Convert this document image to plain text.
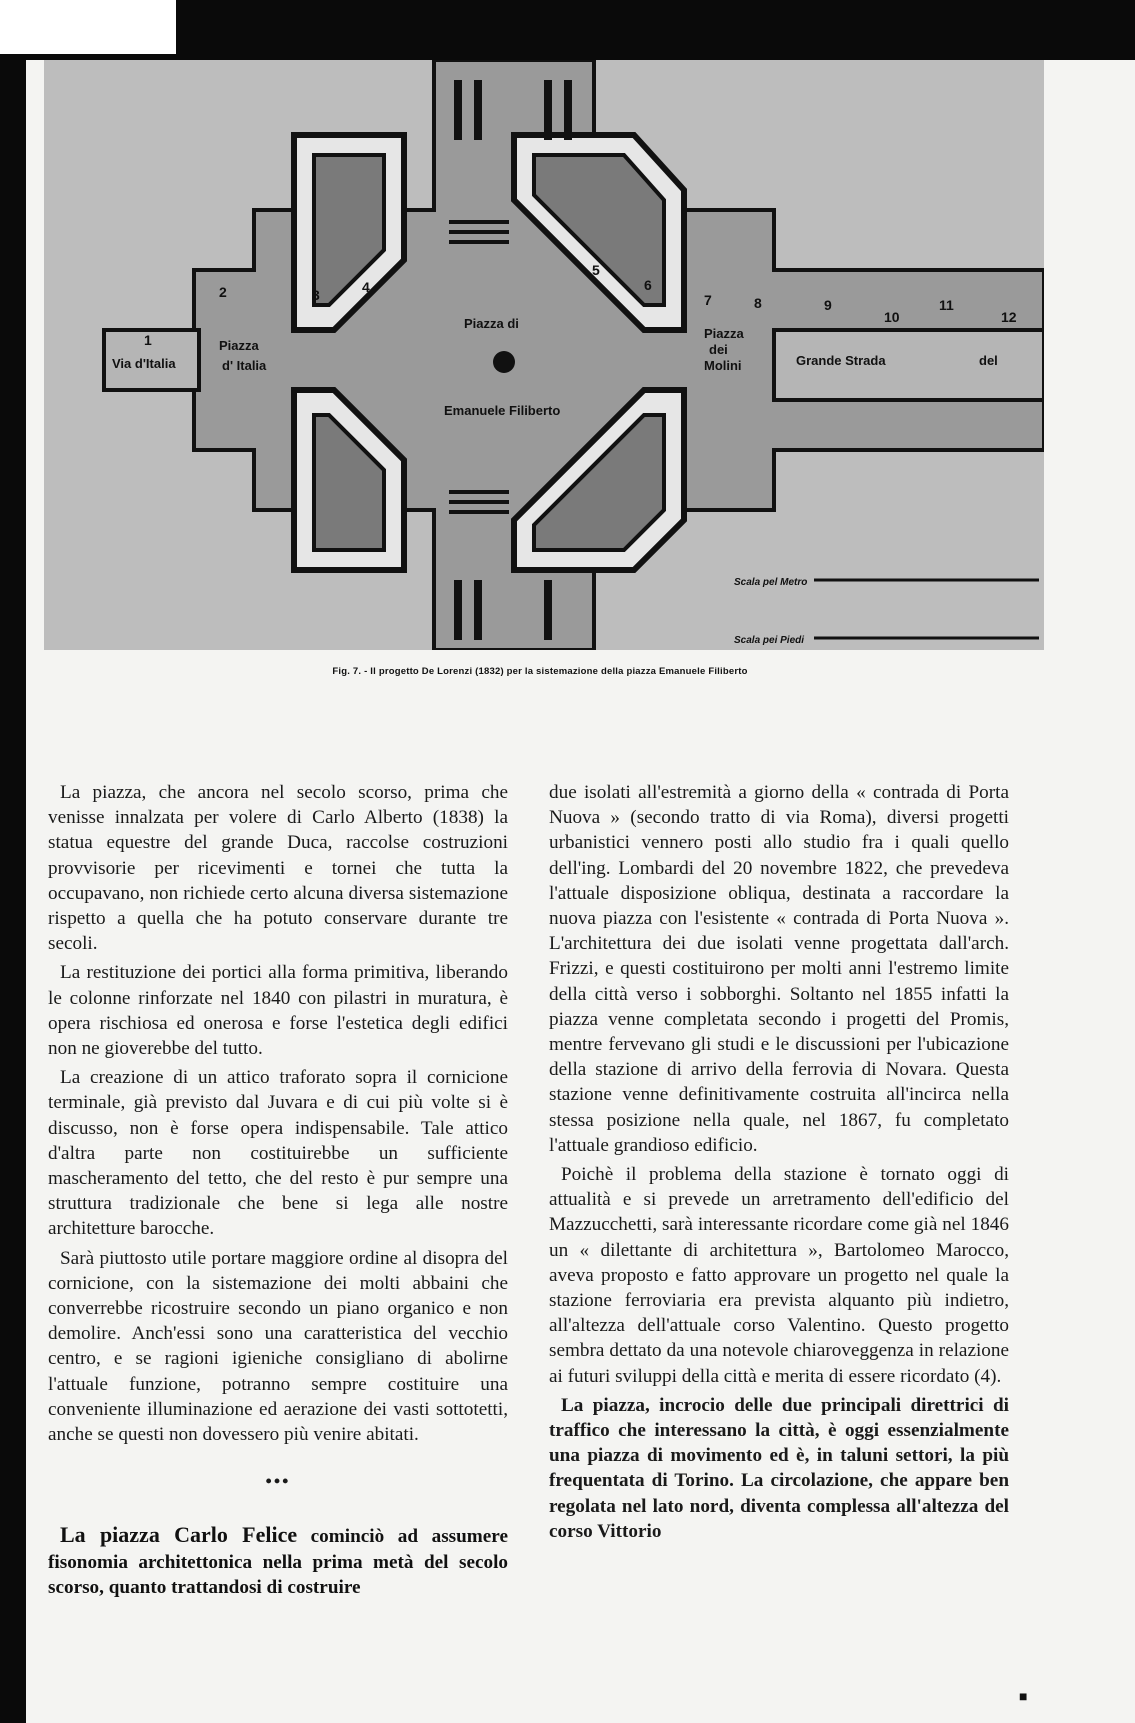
Via d'Italia
Piazza
d' Italia
Piazza di
Emanuele Filiberto
Piazza
dei
Molini	Grande Strada	del
Scala pel Metro
Scala pei Piedi
1
2	3	4
5
6
7	8	9
10
11
12
Fig. 7. - Il progetto De Lorenzi (1832) per la sistemazione della piazza Emanuele Filiberto

La piazza, che ancora nel secolo scorso, prima che venisse innalzata per volere di Carlo Alberto (1838) la statua equestre del grande Duca, raccolse costruzioni provvisorie per ricevimenti e tornei che tutta la occupavano, non richiede certo alcuna diversa sistemazione rispetto a quella che ha potuto conservare durante tre secoli.

La restituzione dei portici alla forma primitiva, liberando le colonne rinforzate nel 1840 con pilastri in muratura, è opera rischiosa ed onerosa e forse l'estetica degli edifici non ne gioverebbe del tutto.

La creazione di un attico traforato sopra il cornicione terminale, già previsto dal Juvara e di cui più volte si è discusso, non è forse opera indispensabile. Tale attico d'altra parte non costituirebbe un sufficiente mascheramento del tetto, che del resto è pur sempre una struttura tradizionale che bene si lega alle nostre architetture barocche.

Sarà piuttosto utile portare maggiore ordine al disopra del cornicione, con la sistemazione dei molti abbaini che converrebbe ricostruire secondo un piano organico e non demolire. Anch'essi sono una caratteristica del vecchio centro, e se ragioni igieniche consigliano di abolirne l'attuale funzione, potranno sempre costituire una conveniente illuminazione ed aerazione dei vasti sottotetti, anche se questi non dovessero più venire abitati.

•••

La piazza Carlo Felice cominciò ad assumere fisonomia architettonica nella prima metà del secolo scorso, quanto trattandosi di costruire

due isolati all'estremità a giorno della « contrada di Porta Nuova » (secondo tratto di via Roma), diversi progetti urbanistici vennero posti allo studio fra i quali quello dell'ing. Lombardi del 20 novembre 1822, che prevedeva l'attuale disposizione obliqua, destinata a raccordare la nuova piazza con l'esistente « contrada di Porta Nuova ». L'architettura dei due isolati venne progettata dall'arch. Frizzi, e questi costituirono per molti anni l'estremo limite della città verso i sobborghi. Soltanto nel 1855 infatti la piazza venne completata secondo i progetti del Promis, mentre fervevano gli studi e le discussioni per l'ubicazione della stazione di arrivo della ferrovia di Novara. Questa stazione venne definitivamente costruita all'incirca nella stessa posizione nella quale, nel 1867, fu completato l'attuale grandioso edificio.

Poichè il problema della stazione è tornato oggi di attualità e si prevede un arretramento dell'edificio del Mazzucchetti, sarà interessante ricordare come già nel 1846 un « dilettante di architettura », Bartolomeo Marocco, aveva proposto e fatto approvare un progetto nel quale la stazione ferroviaria era prevista alquanto più indietro, all'altezza dell'attuale corso Valentino. Questo progetto sembra dettato da una notevole chiaroveggenza in relazione ai futuri sviluppi della città e merita di essere ricordato (4).

La piazza, incrocio delle due principali direttrici di traffico che interessano la città, è oggi essenzialmente una piazza di movimento ed è, in taluni settori, la più frequentata di Torino. La circolazione, che appare ben regolata nel lato nord, diventa complessa all'altezza del corso Vittorio

■
